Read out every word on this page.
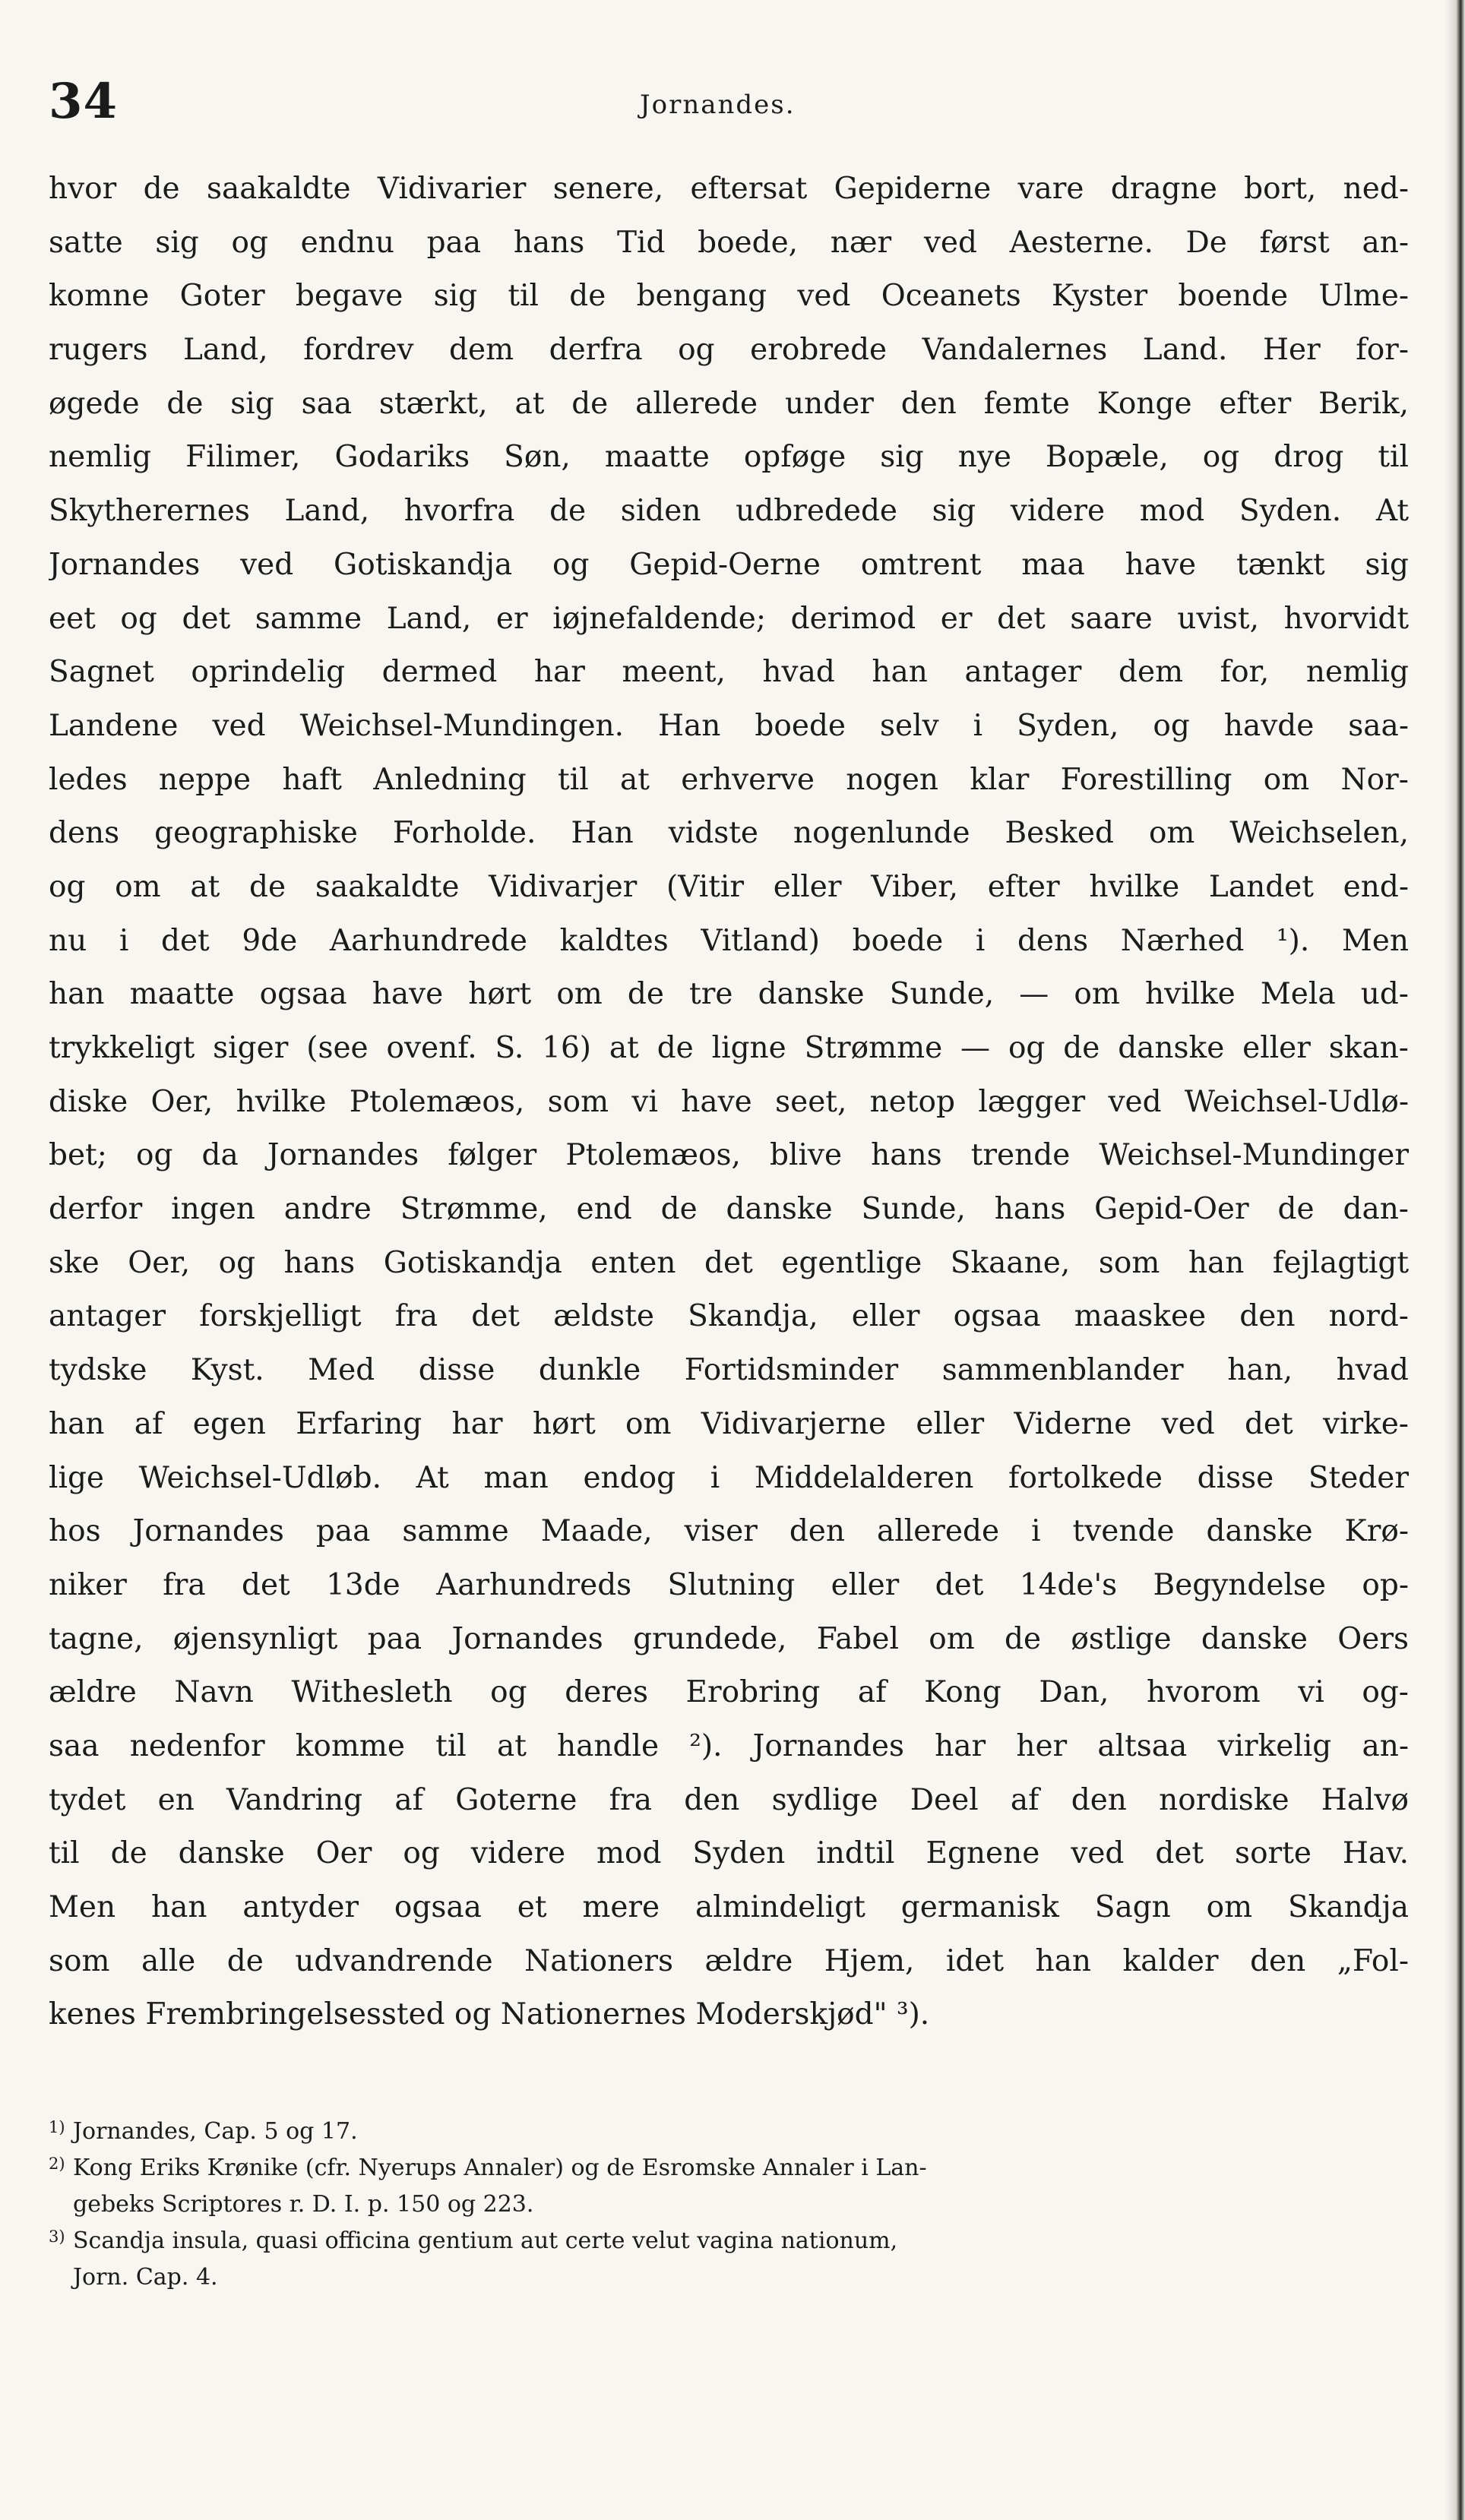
34	Jornandes.
hvor de saakaldte Vidivarier senere, eftersat Gepiderne vare dragne bort, ned-
satte sig og endnu paa hans Tid boede, nær ved Aesterne. De først an-
komne Goter begave sig til de bengang ved Oceanets Kyster boende Ulme-
rugers Land, fordrev dem derfra og erobrede Vandalernes Land. Her for-
øgede de sig saa stærkt, at de allerede under den femte Konge efter Berik,
nemlig Filimer, Godariks Søn, maatte opføge sig nye Bopæle, og drog til
Skytherernes Land, hvorfra de siden udbredede sig videre mod Syden. At
Jornandes ved Gotiskandja og Gepid-Oerne omtrent maa have tænkt sig
eet og det samme Land, er iøjnefaldende; derimod er det saare uvist, hvorvidt
Sagnet oprindelig dermed har meent, hvad han antager dem for, nemlig
Landene ved Weichsel-Mundingen. Han boede selv i Syden, og havde saa-
ledes neppe haft Anledning til at erhverve nogen klar Forestilling om Nor-
dens geographiske Forholde. Han vidste nogenlunde Besked om Weichselen,
og om at de saakaldte Vidivarjer (Vitir eller Viber, efter hvilke Landet end-
nu i det 9de Aarhundrede kaldtes Vitland) boede i dens Nærhed ¹). Men
han maatte ogsaa have hørt om de tre danske Sunde, — om hvilke Mela ud-
trykkeligt siger (see ovenf. S. 16) at de ligne Strømme — og de danske eller skan-
diske Oer, hvilke Ptolemæos, som vi have seet, netop lægger ved Weichsel-Udlø-
bet; og da Jornandes følger Ptolemæos, blive hans trende Weichsel-Mundinger
derfor ingen andre Strømme, end de danske Sunde, hans Gepid-Oer de dan-
ske Oer, og hans Gotiskandja enten det egentlige Skaane, som han fejlagtigt
antager forskjelligt fra det ældste Skandja, eller ogsaa maaskee den nord-
tydske Kyst. Med disse dunkle Fortidsminder sammenblander han, hvad
han af egen Erfaring har hørt om Vidivarjerne eller Viderne ved det virke-
lige Weichsel-Udløb. At man endog i Middelalderen fortolkede disse Steder
hos Jornandes paa samme Maade, viser den allerede i tvende danske Krø-
niker fra det 13de Aarhundreds Slutning eller det 14de's Begyndelse op-
tagne, øjensynligt paa Jornandes grundede, Fabel om de østlige danske Oers
ældre Navn Withesleth og deres Erobring af Kong Dan, hvorom vi og-
saa nedenfor komme til at handle ²). Jornandes har her altsaa virkelig an-
tydet en Vandring af Goterne fra den sydlige Deel af den nordiske Halvø
til de danske Oer og videre mod Syden indtil Egnene ved det sorte Hav.
Men han antyder ogsaa et mere almindeligt germanisk Sagn om Skandja
som alle de udvandrende Nationers ældre Hjem, idet han kalder den „Fol-
kenes Frembringelsessted og Nationernes Moderskjød" ³).
1) Jornandes, Cap. 5 og 17.
2) Kong Eriks Krønike (cfr. Nyerups Annaler) og de Esromske Annaler i Lan-
gebeks Scriptores r. D. I. p. 150 og 223.
3) Scandja insula, quasi officina gentium aut certe velut vagina nationum,
Jorn. Cap. 4.
